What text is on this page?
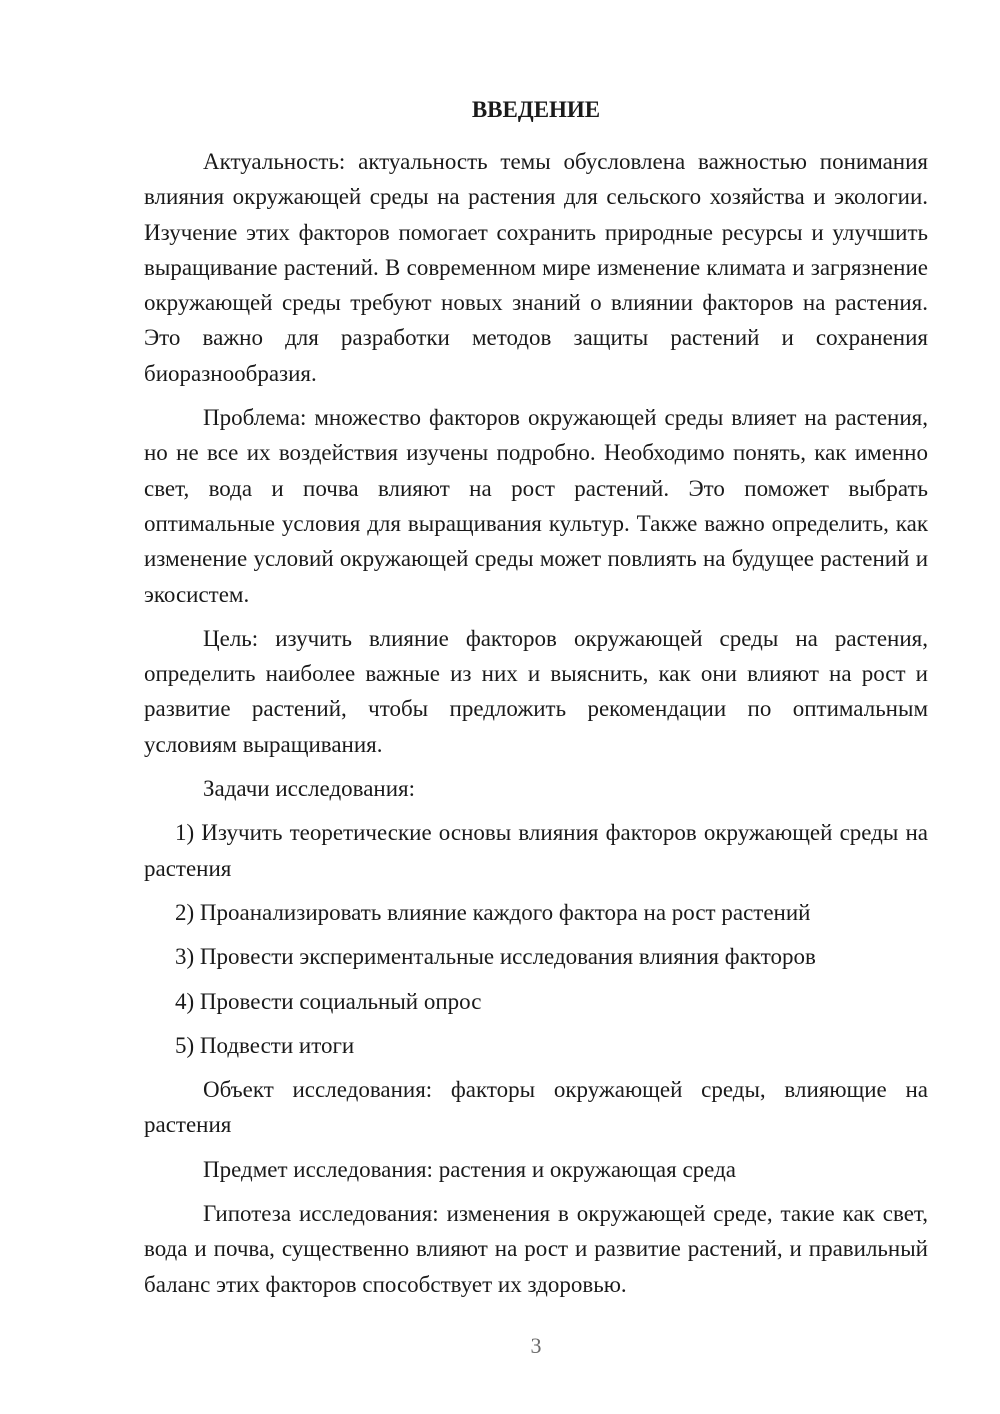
ВВЕДЕНИЕ

Актуальность: актуальность темы обусловлена важностью понимания влияния окружающей среды на растения для сельского хозяйства и экологии. Изучение этих факторов помогает сохранить природные ресурсы и улучшить выращивание растений. В современном мире изменение климата и загрязнение окружающей среды требуют новых знаний о влиянии факторов на растения. Это важно для разработки методов защиты растений и сохранения биоразнообразия.

Проблема: множество факторов окружающей среды влияет на растения, но не все их воздействия изучены подробно. Необходимо понять, как именно свет, вода и почва влияют на рост растений. Это поможет выбрать оптимальные условия для выращивания культур. Также важно определить, как изменение условий окружающей среды может повлиять на будущее растений и экосистем.

Цель: изучить влияние факторов окружающей среды на растения, определить наиболее важные из них и выяснить, как они влияют на рост и развитие растений, чтобы предложить рекомендации по оптимальным условиям выращивания.

Задачи исследования:

1) Изучить теоретические основы влияния факторов окружающей среды на растения

2) Проанализировать влияние каждого фактора на рост растений

3) Провести экспериментальные исследования влияния факторов

4) Провести социальный опрос

5) Подвести итоги

Объект исследования: факторы окружающей среды, влияющие на растения

Предмет исследования: растения и окружающая среда

Гипотеза исследования: изменения в окружающей среде, такие как свет, вода и почва, существенно влияют на рост и развитие растений, и правильный баланс этих факторов способствует их здоровью.

3
